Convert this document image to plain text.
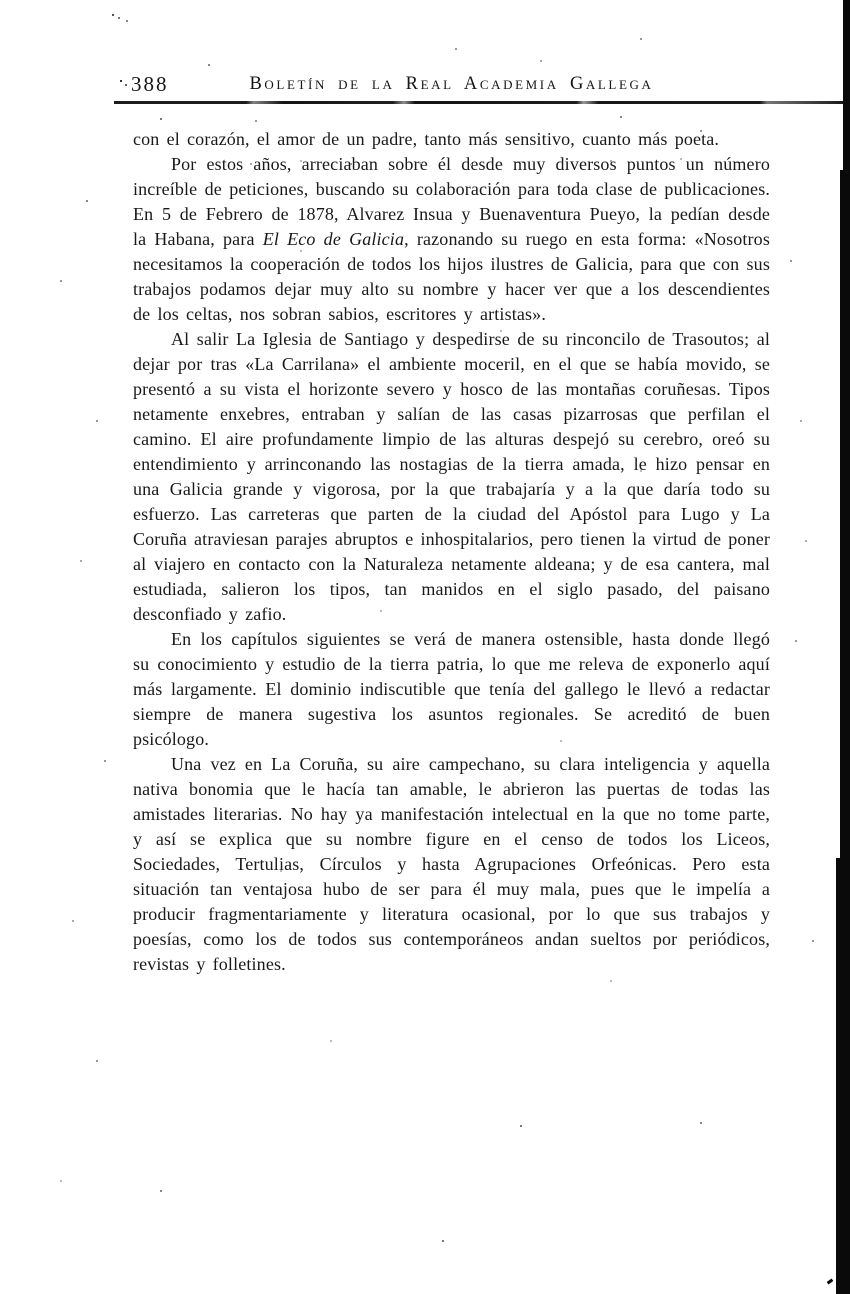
388	Boletín de la Real Academia Gallega

con el corazón, el amor de un padre, tanto más sensitivo, cuanto más poeta.

Por estos años, arreciaban sobre él desde muy diversos puntos un número increíble de peticiones, buscando su colaboración para toda clase de publicaciones. En 5 de Febrero de 1878, Alvarez Insua y Buenaventura Pueyo, la pedían desde la Habana, para El Eco de Galicia, razonando su ruego en esta forma: «Nosotros necesitamos la cooperación de todos los hijos ilustres de Galicia, para que con sus trabajos podamos dejar muy alto su nombre y hacer ver que a los descendientes de los celtas, nos sobran sabios, escritores y artistas».

Al salir La Iglesia de Santiago y despedirse de su rinconcilo de Trasoutos; al dejar por tras «La Carrilana» el ambiente moceril, en el que se había movido, se presentó a su vista el horizonte severo y hosco de las montañas coruñesas. Tipos netamente enxebres, entraban y salían de las casas pizarrosas que perfilan el camino. El aire profundamente limpio de las alturas despejó su cerebro, oreó su entendimiento y arrinconando las nostagias de la tierra amada, le hizo pensar en una Galicia grande y vigorosa, por la que trabajaría y a la que daría todo su esfuerzo. Las carreteras que parten de la ciudad del Apóstol para Lugo y La Coruña atraviesan parajes abruptos e inhospitalarios, pero tienen la virtud de poner al viajero en contacto con la Naturaleza netamente aldeana; y de esa cantera, mal estudiada, salieron los tipos, tan manidos en el siglo pasado, del paisano desconfiado y zafio.

En los capítulos siguientes se verá de manera ostensible, hasta donde llegó su conocimiento y estudio de la tierra patria, lo que me releva de exponerlo aquí más largamente. El dominio indiscutible que tenía del gallego le llevó a redactar siempre de manera sugestiva los asuntos regionales. Se acreditó de buen psicólogo.

Una vez en La Coruña, su aire campechano, su clara inteligencia y aquella nativa bonomia que le hacía tan amable, le abrieron las puertas de todas las amistades literarias. No hay ya manifestación intelectual en la que no tome parte, y así se explica que su nombre figure en el censo de todos los Liceos, Sociedades, Tertulias, Círculos y hasta Agrupaciones Orfeónicas. Pero esta situación tan ventajosa hubo de ser para él muy mala, pues que le impelía a producir fragmentariamente y literatura ocasional, por lo que sus trabajos y poesías, como los de todos sus contemporáneos andan sueltos por periódicos, revistas y folletines.
